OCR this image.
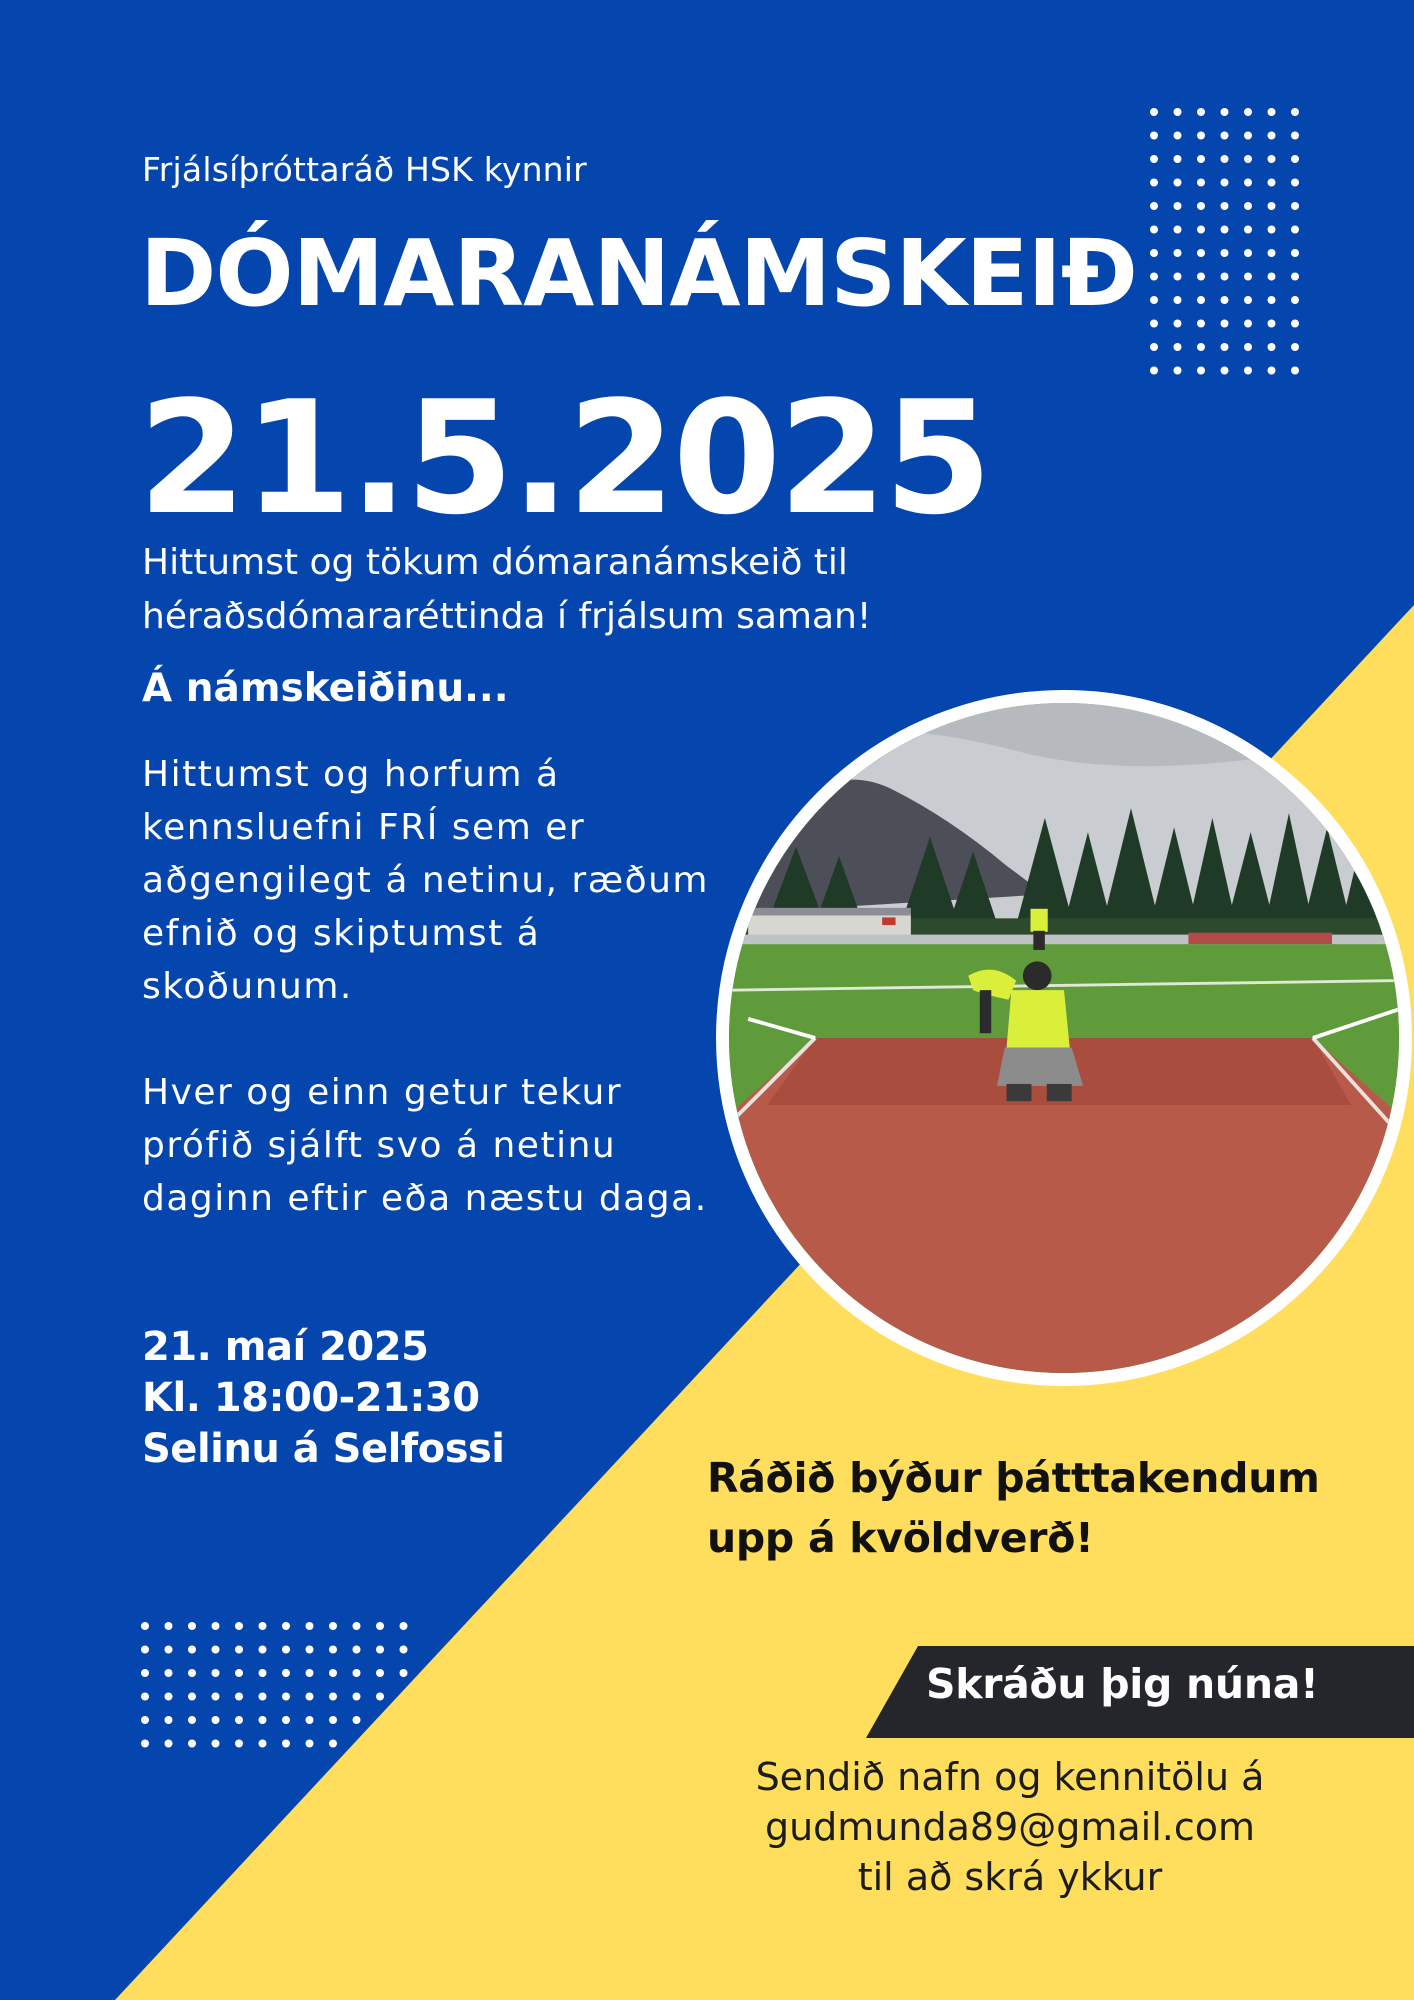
Frjálsíþróttaráð HSK kynnir
DÓMARANÁMSKEIÐ
21.5.2025
Hittumst og tökum dómaranámskeið til héraðsdómararéttinda í frjálsum saman!
Á námskeiðinu...

Hittumst og horfum á kennsluefni FRÍ sem er aðgengilegt á netinu, ræðum efnið og skiptumst á skoðunum.

Hver og einn getur tekur prófið sjálft svo á netinu daginn eftir eða næstu daga.

21. maí 2025
Kl. 18:00-21:30
Selinu á Selfossi
Ráðið býður þátttakendum upp á kvöldverð!
Skráðu þig núna!
Sendið nafn og kennitölu á
gudmunda89@gmail.com
til að skrá ykkur
